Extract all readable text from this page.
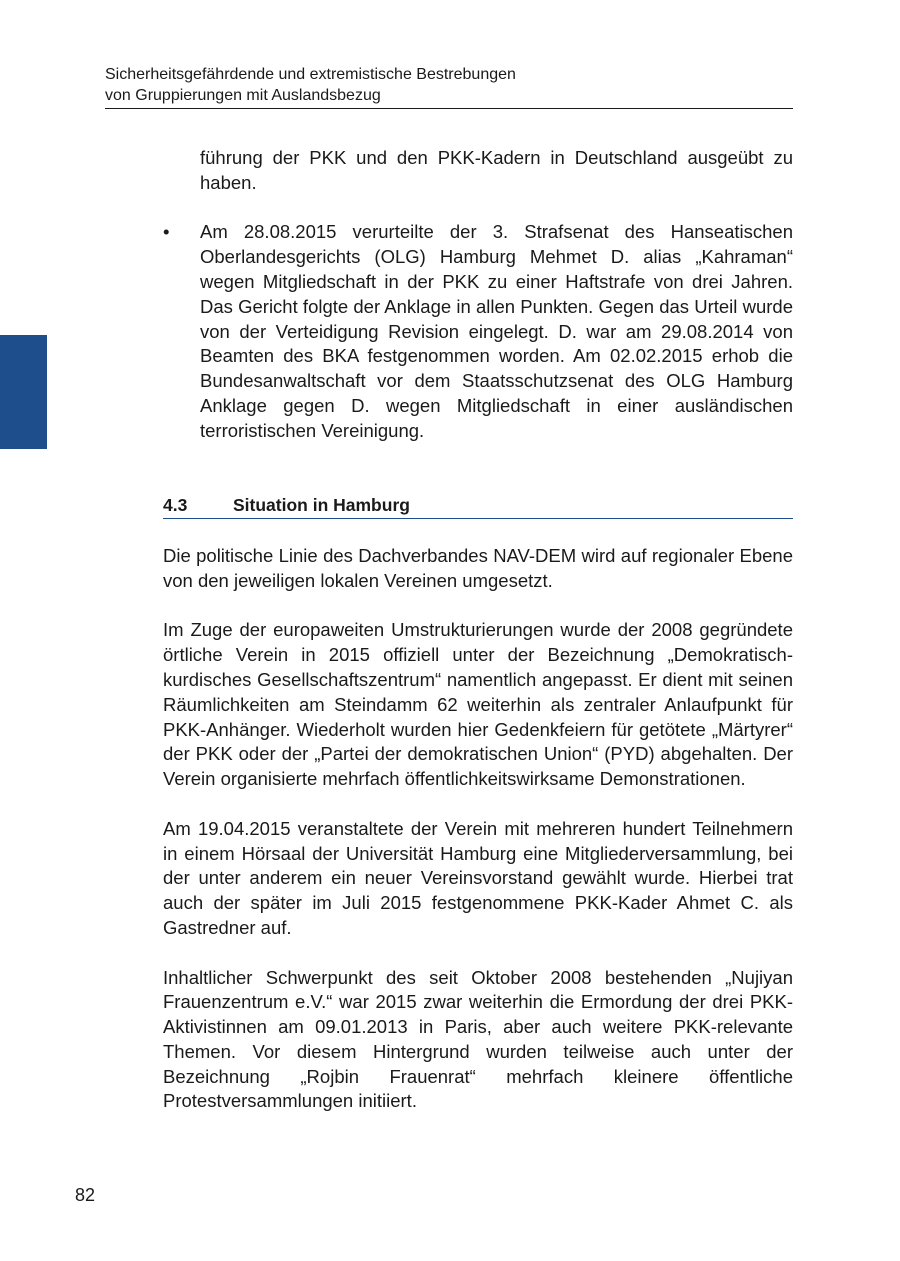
Sicherheitsgefährdende und extremistische Bestrebungen
von Gruppierungen mit Auslandsbezug

führung der PKK und den PKK-Kadern in Deutschland ausgeübt zu haben.

• Am 28.08.2015 verurteilte der 3. Strafsenat des Hanseatischen Oberlandesgerichts (OLG) Hamburg Mehmet D. alias „Kahraman“ wegen Mitgliedschaft in der PKK zu einer Haftstrafe von drei Jahren. Das Gericht folgte der Anklage in allen Punkten. Gegen das Urteil wurde von der Verteidigung Revision eingelegt. D. war am 29.08.2014 von Beamten des BKA festgenommen worden. Am 02.02.2015 erhob die Bundesanwaltschaft vor dem Staatsschutzsenat des OLG Hamburg Anklage gegen D. wegen Mitgliedschaft in einer ausländischen terroristischen Vereinigung.

4.3	Situation in Hamburg

Die politische Linie des Dachverbandes NAV-DEM wird auf regionaler Ebene von den jeweiligen lokalen Vereinen umgesetzt.

Im Zuge der europaweiten Umstrukturierungen wurde der 2008 gegründete örtliche Verein in 2015 offiziell unter der Bezeichnung „Demokratisch-kurdisches Gesellschaftszentrum“ namentlich angepasst. Er dient mit seinen Räumlichkeiten am Steindamm 62 weiterhin als zentraler Anlaufpunkt für PKK-Anhänger. Wiederholt wurden hier Gedenkfeiern für getötete „Märtyrer“ der PKK oder der „Partei der demokratischen Union“ (PYD) abgehalten. Der Verein organisierte mehrfach öffentlichkeitswirksame Demonstrationen.

Am 19.04.2015 veranstaltete der Verein mit mehreren hundert Teilnehmern in einem Hörsaal der Universität Hamburg eine Mitgliederversammlung, bei der unter anderem ein neuer Vereinsvorstand gewählt wurde. Hierbei trat auch der später im Juli 2015 festgenommene PKK-Kader Ahmet C. als Gastredner auf.

Inhaltlicher Schwerpunkt des seit Oktober 2008 bestehenden „Nujiyan Frauenzentrum e.V.“ war 2015 zwar weiterhin die Ermordung der drei PKK-Aktivistinnen am 09.01.2013 in Paris, aber auch weitere PKK-relevante Themen. Vor diesem Hintergrund wurden teilweise auch unter der Bezeichnung „Rojbin Frauenrat“ mehrfach kleinere öffentliche Protestversammlungen initiiert.

82
